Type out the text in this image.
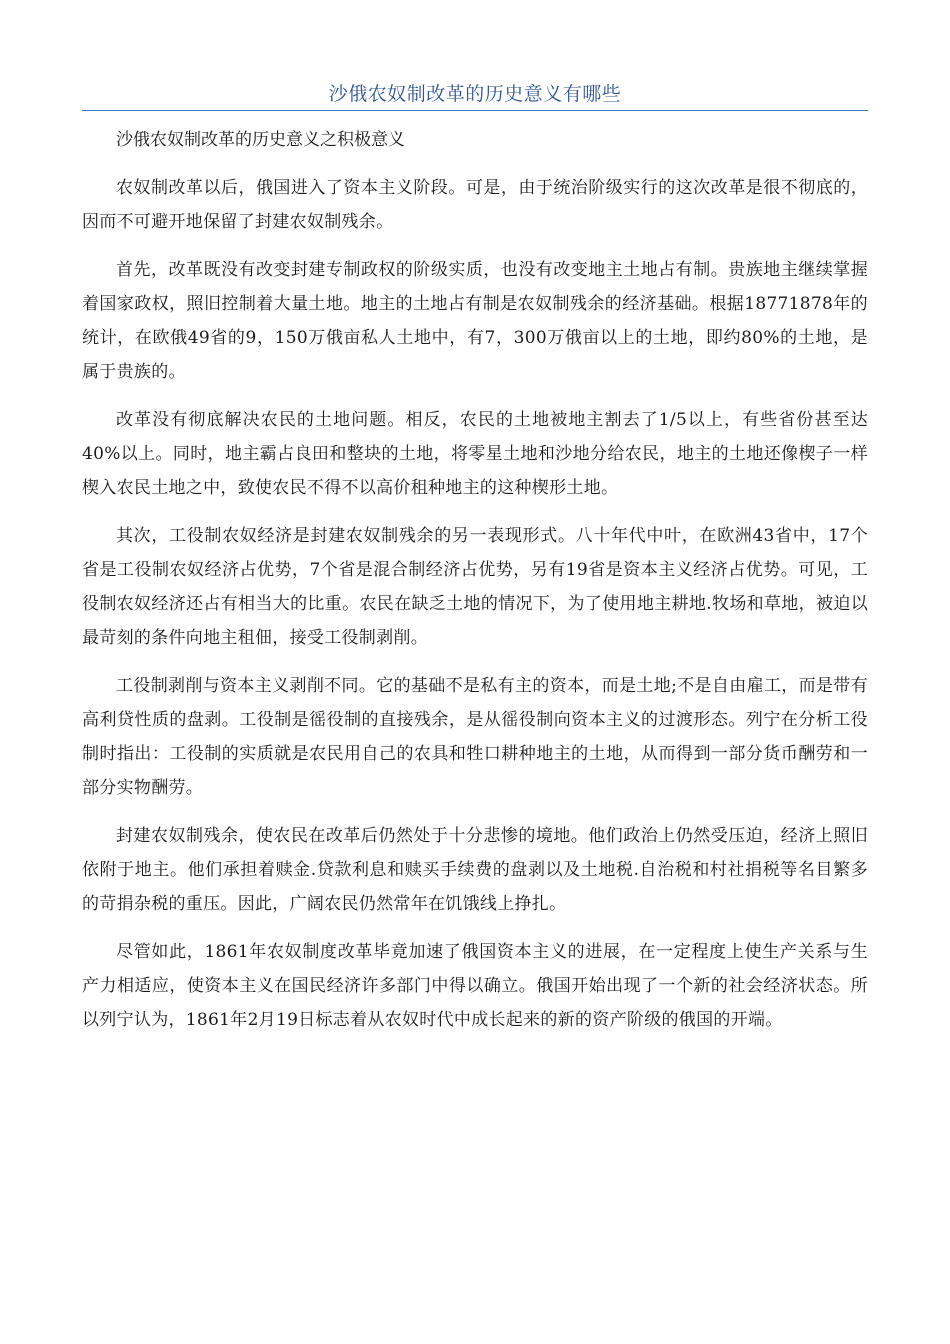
沙俄农奴制改革的历史意义有哪些

沙俄农奴制改革的历史意义之积极意义

农奴制改革以后，俄国进入了资本主义阶段。可是，由于统治阶级实行的这次改革是很不彻底的，因而不可避开地保留了封建农奴制残余。

首先，改革既没有改变封建专制政权的阶级实质，也没有改变地主土地占有制。贵族地主继续掌握着国家政权，照旧控制着大量土地。地主的土地占有制是农奴制残余的经济基础。根据18771878年的统计，在欧俄49省的9，150万俄亩私人土地中，有7，300万俄亩以上的土地，即约80%的土地，是属于贵族的。

改革没有彻底解决农民的土地问题。相反，农民的土地被地主割去了1/5以上，有些省份甚至达40%以上。同时，地主霸占良田和整块的土地，将零星土地和沙地分给农民，地主的土地还像楔子一样楔入农民土地之中，致使农民不得不以高价租种地主的这种楔形土地。

其次，工役制农奴经济是封建农奴制残余的另一表现形式。八十年代中叶，在欧洲43省中，17个省是工役制农奴经济占优势，7个省是混合制经济占优势，另有19省是资本主义经济占优势。可见，工役制农奴经济还占有相当大的比重。农民在缺乏土地的情况下，为了使用地主耕地.牧场和草地，被迫以最苛刻的条件向地主租佃，接受工役制剥削。

工役制剥削与资本主义剥削不同。它的基础不是私有主的资本，而是土地;不是自由雇工，而是带有高利贷性质的盘剥。工役制是徭役制的直接残余，是从徭役制向资本主义的过渡形态。列宁在分析工役制时指出：工役制的实质就是农民用自己的农具和牲口耕种地主的土地，从而得到一部分货币酬劳和一部分实物酬劳。

封建农奴制残余，使农民在改革后仍然处于十分悲惨的境地。他们政治上仍然受压迫，经济上照旧依附于地主。他们承担着赎金.贷款利息和赎买手续费的盘剥以及土地税.自治税和村社捐税等名目繁多的苛捐杂税的重压。因此，广阔农民仍然常年在饥饿线上挣扎。

尽管如此，1861年农奴制度改革毕竟加速了俄国资本主义的进展，在一定程度上使生产关系与生产力相适应，使资本主义在国民经济许多部门中得以确立。俄国开始出现了一个新的社会经济状态。所以列宁认为，1861年2月19日标志着从农奴时代中成长起来的新的资产阶级的俄国的开端。
